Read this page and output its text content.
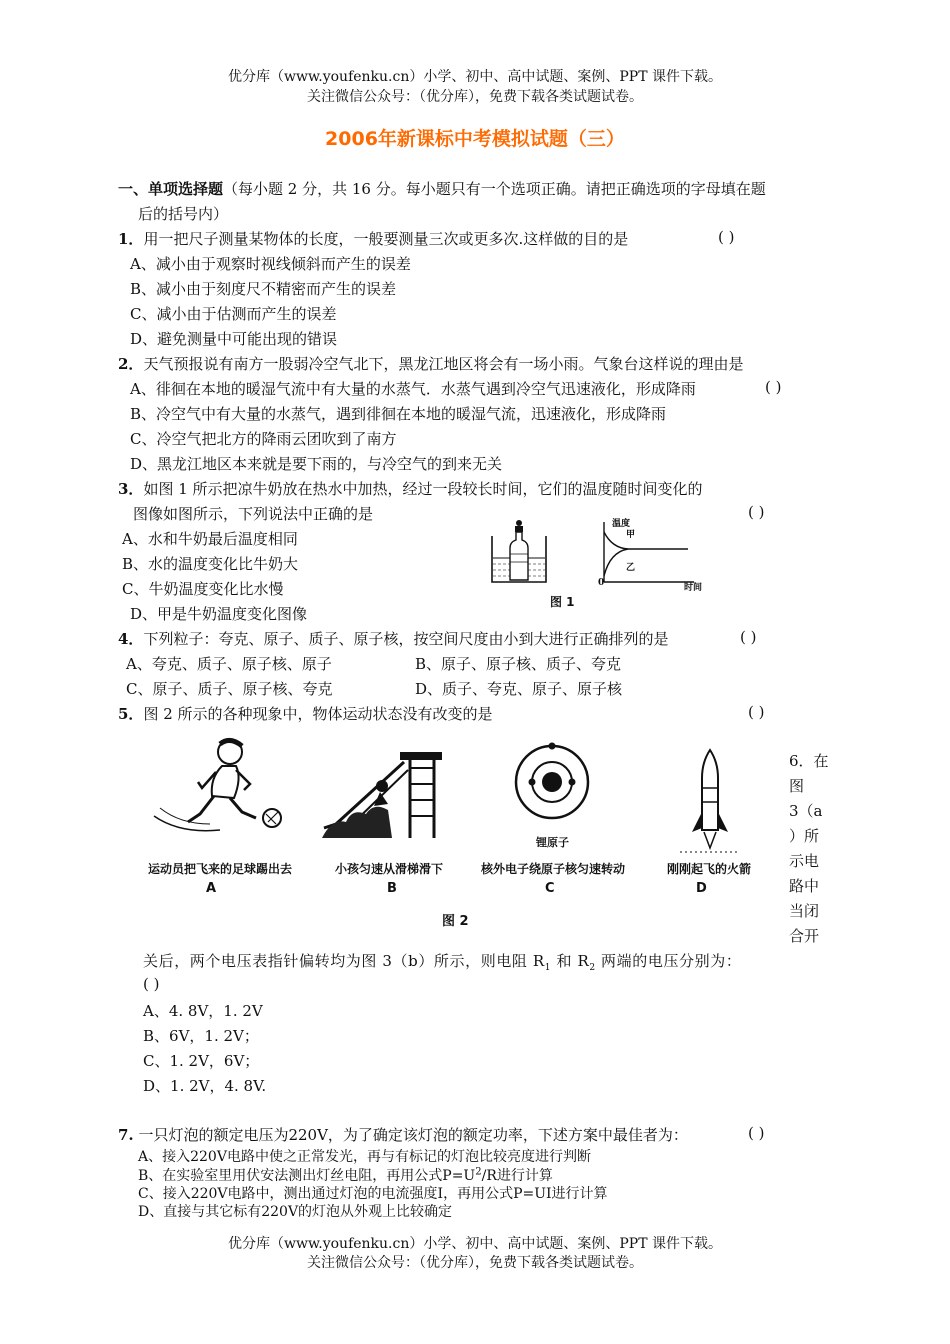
优分库（www.youfenku.cn）小学、初中、高中试题、案例、PPT 课件下载。
关注微信公众号：（优分库），免费下载各类试题试卷。
2006年新课标中考模拟试题（三）
一、单项选择题（每小题 2 分，共 16 分。每小题只有一个选项正确。请把正确选项的字母填在题
后的括号内）
1．用一把尺子测量某物体的长度，一般要测量三次或更多次.这样做的目的是	( )
A、减小由于观察时视线倾斜而产生的误差
B、减小由于刻度尺不精密而产生的误差
C、减小由于估测而产生的误差
D、避免测量中可能出现的错误
2．天气预报说有南方一股弱冷空气北下，黑龙江地区将会有一场小雨。气象台这样说的理由是
A、徘徊在本地的暖湿气流中有大量的水蒸气．水蒸气遇到冷空气迅速液化，形成降雨	( )
B、冷空气中有大量的水蒸气，遇到徘徊在本地的暖湿气流，迅速液化，形成降雨
C、冷空气把北方的降雨云团吹到了南方
D、黑龙江地区本来就是要下雨的，与冷空气的到来无关
3．如图 1 所示把凉牛奶放在热水中加热，经过一段较长时间，它们的温度随时间变化的
图像如图所示，下列说法中正确的是	( )
A、水和牛奶最后温度相同
B、水的温度变化比牛奶大
C、牛奶温度变化比水慢
D、甲是牛奶温度变化图像
温度
甲
乙
0	时间
图 1
4．下列粒子：夸克、原子、质子、原子核，按空间尺度由小到大进行正确排列的是	( )
A、夸克、质子、原子核、原子	B、原子、原子核、质子、夸克
C、原子、质子、原子核、夸克	D、质子、夸克、原子、原子核
5．图 2 所示的各种现象中，物体运动状态没有改变的是	( )
运动员把飞来的足球踢出去
A
小孩匀速从滑梯滑下
B
锂原子
核外电子绕原子核匀速转动
C
刚刚起飞的火箭
D
图 2
6．在
图
3（a
）所
示电
路中
当闭
合开
关后，两个电压表指针偏转均为图 3（b）所示，则电阻 $R_1$ 和 $R_2$ 两端的电压分别为：
( )
A、4. 8V，1. 2V
B、6V，1. 2V；
C、1. 2V，6V；
D、1. 2V，4. 8V.
7. 一只灯泡的额定电压为220V，为了确定该灯泡的额定功率，下述方案中最佳者为：	( )
A、接入220V电路中使之正常发光，再与有标记的灯泡比较亮度进行判断
B、在实验室里用伏安法测出灯丝电阻，再用公式$P=U^2/R$进行计算
C、接入220V电路中，测出通过灯泡的电流强度I，再用公式P=UI进行计算
D、直接与其它标有220V的灯泡从外观上比较确定
优分库（www.youfenku.cn）小学、初中、高中试题、案例、PPT 课件下载。
关注微信公众号：（优分库），免费下载各类试题试卷。
